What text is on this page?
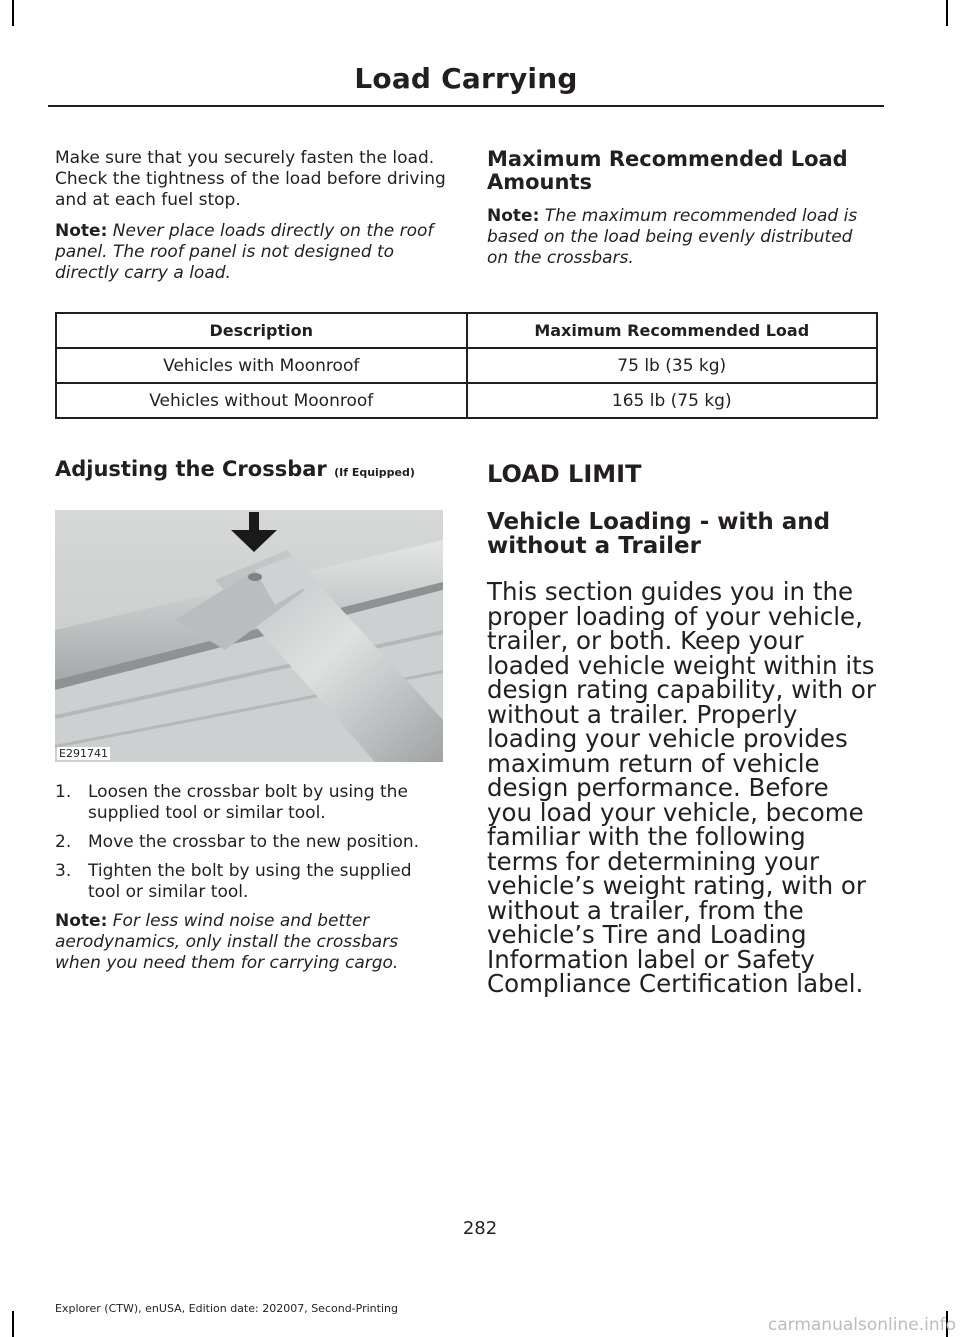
Load Carrying

Make sure that you securely fasten the load. Check the tightness of the load before driving and at each fuel stop.

Note: Never place loads directly on the roof panel. The roof panel is not designed to directly carry a load.

Maximum Recommended Load Amounts

Note: The maximum recommended load is based on the load being evenly distributed on the crossbars.

Description	Maximum Recommended Load
Vehicles with Moonroof	75 lb (35 kg)
Vehicles without Moonroof	165 lb (75 kg)
Adjusting the Crossbar (If Equipped)
E291741
1. Loosen the crossbar bolt by using the supplied tool or similar tool.
2. Move the crossbar to the new position.
3. Tighten the bolt by using the supplied tool or similar tool.

Note: For less wind noise and better aerodynamics, only install the crossbars when you need them for carrying cargo.

LOAD LIMIT
Vehicle Loading - with and without a Trailer

This section guides you in the proper loading of your vehicle, trailer, or both. Keep your loaded vehicle weight within its design rating capability, with or without a trailer. Properly loading your vehicle provides maximum return of vehicle design performance. Before you load your vehicle, become familiar with the following terms for determining your vehicle’s weight rating, with or without a trailer, from the vehicle’s Tire and Loading Information label or Safety Compliance Certification label.

282
Explorer (CTW), enUSA, Edition date: 202007, Second-Printing
carmanualsonline.info
